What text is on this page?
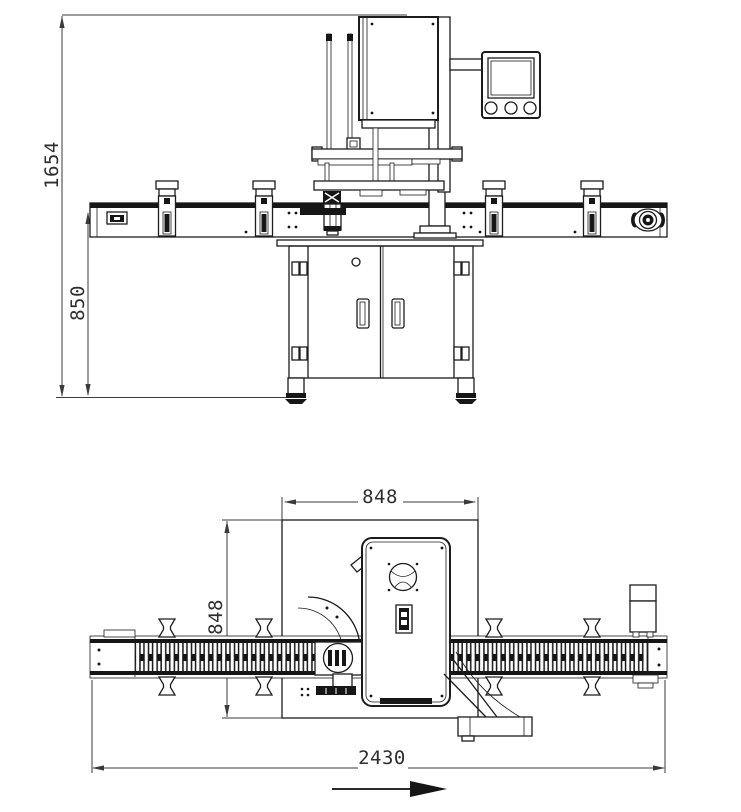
1654
850
848
848
2430
